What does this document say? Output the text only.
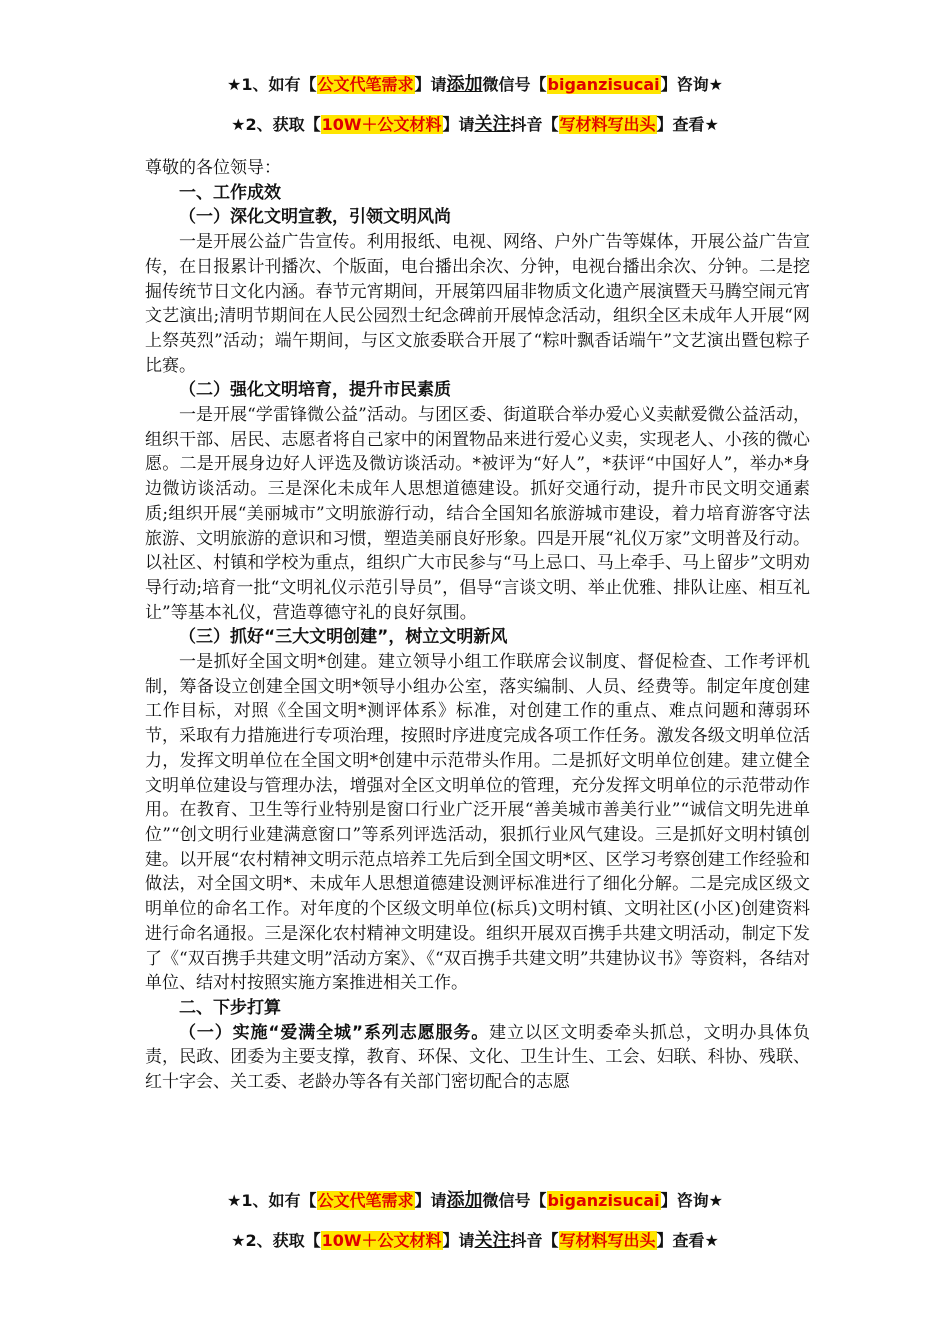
★1、如有【公文代笔需求】请添加微信号【biganzisucai】咨询★
★2、获取【10W＋公文材料】请关注抖音【写材料写出头】查看★

尊敬的各位领导：

一、工作成效

（一）深化文明宣教，引领文明风尚

一是开展公益广告宣传。利用报纸、电视、网络、户外广告等媒体，开展公益广告宣传，在日报累计刊播次、个版面，电台播出余次、分钟，电视台播出余次、分钟。二是挖掘传统节日文化内涵。春节元宵期间，开展第四届非物质文化遗产展演暨天马腾空闹元宵文艺演出;清明节期间在人民公园烈士纪念碑前开展悼念活动，组织全区未成年人开展“网上祭英烈”活动；端午期间，与区文旅委联合开展了“粽叶飘香话端午”文艺演出暨包粽子比赛。

（二）强化文明培育，提升市民素质

一是开展“学雷锋微公益”活动。与团区委、街道联合举办爱心义卖献爱微公益活动，组织干部、居民、志愿者将自己家中的闲置物品来进行爱心义卖，实现老人、小孩的微心愿。二是开展身边好人评选及微访谈活动。*被评为“好人”，*获评“中国好人”，举办*身边微访谈活动。三是深化未成年人思想道德建设。抓好交通行动，提升市民文明交通素质;组织开展“美丽城市”文明旅游行动，结合全国知名旅游城市建设，着力培育游客守法旅游、文明旅游的意识和习惯，塑造美丽良好形象。四是开展“礼仪万家”文明普及行动。以社区、村镇和学校为重点，组织广大市民参与“马上忌口、马上牵手、马上留步”文明劝导行动;培育一批“文明礼仪示范引导员”，倡导“言谈文明、举止优雅、排队让座、相互礼让”等基本礼仪，营造尊德守礼的良好氛围。

（三）抓好“三大文明创建”，树立文明新风

一是抓好全国文明*创建。建立领导小组工作联席会议制度、督促检查、工作考评机制，筹备设立创建全国文明*领导小组办公室，落实编制、人员、经费等。制定年度创建工作目标，对照《全国文明*测评体系》标准，对创建工作的重点、难点问题和薄弱环节，采取有力措施进行专项治理，按照时序进度完成各项工作任务。激发各级文明单位活力，发挥文明单位在全国文明*创建中示范带头作用。二是抓好文明单位创建。建立健全文明单位建设与管理办法，增强对全区文明单位的管理，充分发挥文明单位的示范带动作用。在教育、卫生等行业特别是窗口行业广泛开展“善美城市善美行业”“诚信文明先进单位”“创文明行业建满意窗口”等系列评选活动，狠抓行业风气建设。三是抓好文明村镇创建。以开展“农村精神文明示范点培养工先后到全国文明*区、区学习考察创建工作经验和做法，对全国文明*、未成年人思想道德建设测评标准进行了细化分解。二是完成区级文明单位的命名工作。对年度的个区级文明单位(标兵)文明村镇、文明社区(小区)创建资料进行命名通报。三是深化农村精神文明建设。组织开展双百携手共建文明活动，制定下发了《“双百携手共建文明”活动方案》、《“双百携手共建文明”共建协议书》等资料，各结对单位、结对村按照实施方案推进相关工作。

二、下步打算

（一）实施“爱满全城”系列志愿服务。建立以区文明委牵头抓总，文明办具体负责，民政、团委为主要支撑，教育、环保、文化、卫生计生、工会、妇联、科协、残联、红十字会、关工委、老龄办等各有关部门密切配合的志愿

★1、如有【公文代笔需求】请添加微信号【biganzisucai】咨询★
★2、获取【10W＋公文材料】请关注抖音【写材料写出头】查看★
